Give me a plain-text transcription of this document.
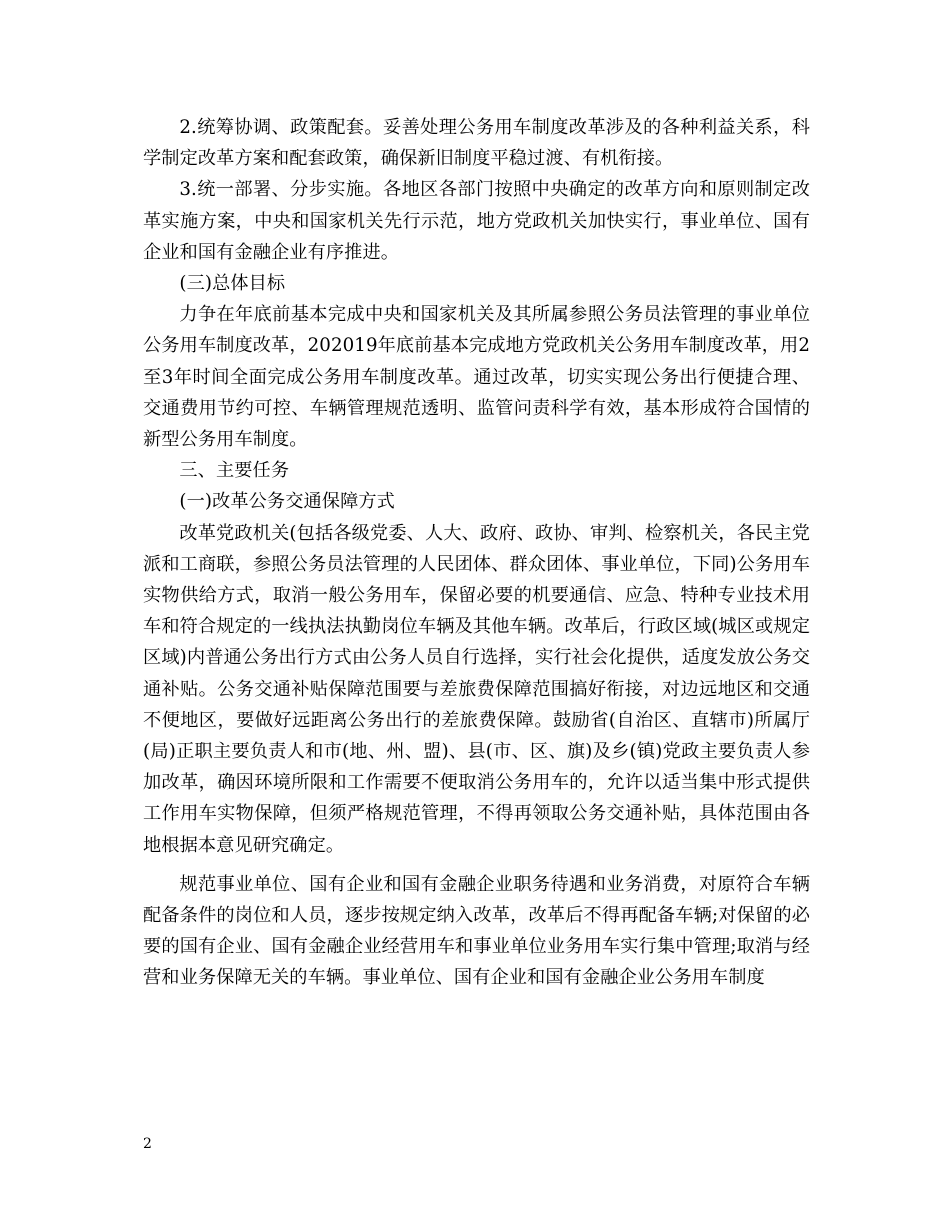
2.统筹协调、政策配套。妥善处理公务用车制度改革涉及的各种利益关系，科学制定改革方案和配套政策，确保新旧制度平稳过渡、有机衔接。

3.统一部署、分步实施。各地区各部门按照中央确定的改革方向和原则制定改革实施方案，中央和国家机关先行示范，地方党政机关加快实行，事业单位、国有企业和国有金融企业有序推进。

(三)总体目标

力争在年底前基本完成中央和国家机关及其所属参照公务员法管理的事业单位公务用车制度改革，202019年底前基本完成地方党政机关公务用车制度改革，用2至3年时间全面完成公务用车制度改革。通过改革，切实实现公务出行便捷合理、交通费用节约可控、车辆管理规范透明、监管问责科学有效，基本形成符合国情的新型公务用车制度。

三、主要任务

(一)改革公务交通保障方式

改革党政机关(包括各级党委、人大、政府、政协、审判、检察机关，各民主党派和工商联，参照公务员法管理的人民团体、群众团体、事业单位，下同)公务用车实物供给方式，取消一般公务用车，保留必要的机要通信、应急、特种专业技术用车和符合规定的一线执法执勤岗位车辆及其他车辆。改革后，行政区域(城区或规定区域)内普通公务出行方式由公务人员自行选择，实行社会化提供，适度发放公务交通补贴。公务交通补贴保障范围要与差旅费保障范围搞好衔接，对边远地区和交通不便地区，要做好远距离公务出行的差旅费保障。鼓励省(自治区、直辖市)所属厅(局)正职主要负责人和市(地、州、盟)、县(市、区、旗)及乡(镇)党政主要负责人参加改革，确因环境所限和工作需要不便取消公务用车的，允许以适当集中形式提供工作用车实物保障，但须严格规范管理，不得再领取公务交通补贴，具体范围由各地根据本意见研究确定。

规范事业单位、国有企业和国有金融企业职务待遇和业务消费，对原符合车辆配备条件的岗位和人员，逐步按规定纳入改革，改革后不得再配备车辆;对保留的必要的国有企业、国有金融企业经营用车和事业单位业务用车实行集中管理;取消与经营和业务保障无关的车辆。事业单位、国有企业和国有金融企业公务用车制度

2
